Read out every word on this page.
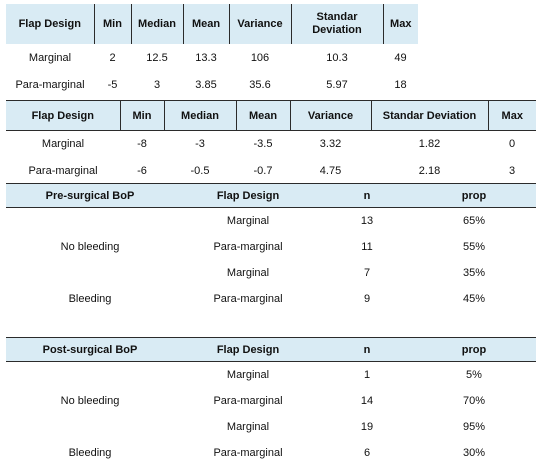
Flap Design	Min	Median	Mean	Variance	Standar Deviation	Max
Marginal	2	12.5	13.3	106	10.3	49
Para-marginal	-5	3	3.85	35.6	5.97	18
Flap Design	Min	Median	Mean	Variance	Standar Deviation	Max
Marginal	-8	-3	-3.5	3.32	1.82	0
Para-marginal	-6	-0.5	-0.7	4.75	2.18	3
Pre-surgical BoP	Flap Design	n	prop
	Marginal	13	65%
No bleeding	Para-marginal	11	55%
	Marginal	7	35%
Bleeding	Para-marginal	9	45%
Post-surgical BoP	Flap Design	n	prop
	Marginal	1	5%
No bleeding	Para-marginal	14	70%
	Marginal	19	95%
Bleeding	Para-marginal	6	30%
